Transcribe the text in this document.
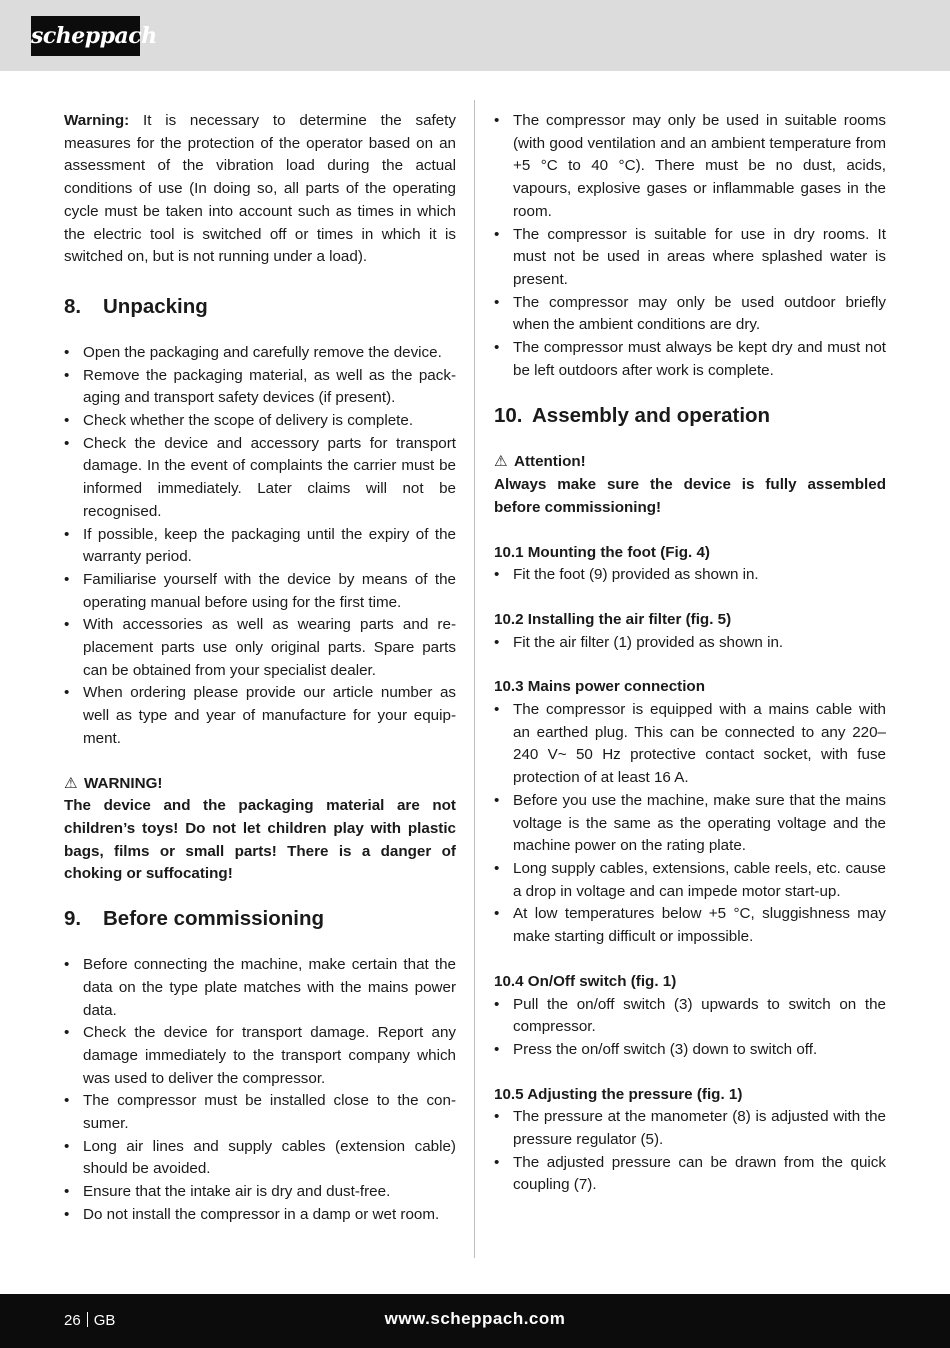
scheppach

Warning: It is necessary to determine the safety measures for the protection of the operator based on an assessment of the vibration load during the actual conditions of use (In doing so, all parts of the operating cycle must be taken into account such as times in which the electric tool is switched off or times in which it is switched on, but is not running under a load).

8. Unpacking
• Open the packaging and carefully remove the device.
• Remove the packaging material, as well as the packaging and transport safety devices (if present).
• Check whether the scope of delivery is complete.
• Check the device and accessory parts for transport damage. In the event of complaints the carrier must be informed immediately. Later claims will not be recognised.
• If possible, keep the packaging until the expiry of the warranty period.
• Familiarise yourself with the device by means of the operating manual before using for the first time.
• With accessories as well as wearing parts and replacement parts use only original parts. Spare parts can be obtained from your specialist dealer.
• When ordering please provide our article number as well as type and year of manufacture for your equipment.

⚠ WARNING!

The device and the packaging material are not children’s toys! Do not let children play with plastic bags, films or small parts! There is a danger of choking or suffocating!

9. Before commissioning
• Before connecting the machine, make certain that the data on the type plate matches with the mains power data.
• Check the device for transport damage. Report any damage immediately to the transport company which was used to deliver the compressor.
• The compressor must be installed close to the consumer.
• Long air lines and supply cables (extension cable) should be avoided.
• Ensure that the intake air is dry and dust-free.
• Do not install the compressor in a damp or wet room.
• The compressor may only be used in suitable rooms (with good ventilation and an ambient temperature from +5 °C to 40 °C). There must be no dust, acids, vapours, explosive gases or inflammable gases in the room.
• The compressor is suitable for use in dry rooms. It must not be used in areas where splashed water is present.
• The compressor may only be used outdoor briefly when the ambient conditions are dry.
• The compressor must always be kept dry and must not be left outdoors after work is complete.
10. Assembly and operation

⚠ Attention!

Always make sure the device is fully assembled before commissioning!

10.1 Mounting the foot (Fig. 4)
• Fit the foot (9) provided as shown in.
10.2 Installing the air filter (fig. 5)
• Fit the air filter (1) provided as shown in.
10.3 Mains power connection
• The compressor is equipped with a mains cable with an earthed plug. This can be connected to any 220–240 V~ 50 Hz protective contact socket, with fuse protection of at least 16 A.
• Before you use the machine, make sure that the mains voltage is the same as the operating voltage and the machine power on the rating plate.
• Long supply cables, extensions, cable reels, etc. cause a drop in voltage and can impede motor start-up.
• At low temperatures below +5 °C, sluggishness may make starting difficult or impossible.
10.4 On/Off switch (fig. 1)
• Pull the on/off switch (3) upwards to switch on the compressor.
• Press the on/off switch (3) down to switch off.
10.5 Adjusting the pressure (fig. 1)
• The pressure at the manometer (8) is adjusted with the pressure regulator (5).
• The adjusted pressure can be drawn from the quick coupling (7).
26 GB	www.scheppach.com
